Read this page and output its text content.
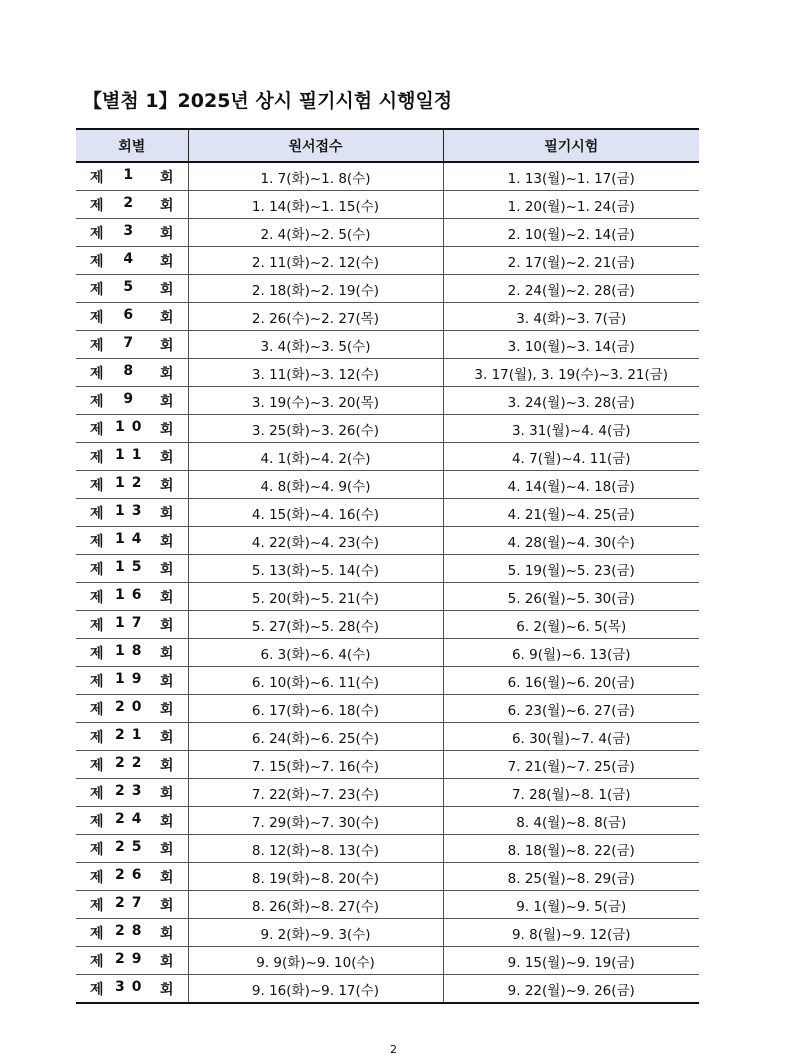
【별첨 1】2025년 상시 필기시험 시행일정
회별	원서접수	필기시험

제 1 회	1. 7(화)~1. 8(수)	1. 13(월)~1. 17(금)

제 2 회	1. 14(화)~1. 15(수)	1. 20(월)~1. 24(금)

제 3 회	2. 4(화)~2. 5(수)	2. 10(월)~2. 14(금)

제 4 회	2. 11(화)~2. 12(수)	2. 17(월)~2. 21(금)

제 5 회	2. 18(화)~2. 19(수)	2. 24(월)~2. 28(금)

제 6 회	2. 26(수)~2. 27(목)	3. 4(화)~3. 7(금)

제 7 회	3. 4(화)~3. 5(수)	3. 10(월)~3. 14(금)

제 8 회	3. 11(화)~3. 12(수)	3. 17(월), 3. 19(수)~3. 21(금)

제 9 회	3. 19(수)~3. 20(목)	3. 24(월)~3. 28(금)

제 10 회	3. 25(화)~3. 26(수)	3. 31(월)~4. 4(금)

제 11 회	4. 1(화)~4. 2(수)	4. 7(월)~4. 11(금)

제 12 회	4. 8(화)~4. 9(수)	4. 14(월)~4. 18(금)

제 13 회	4. 15(화)~4. 16(수)	4. 21(월)~4. 25(금)

제 14 회	4. 22(화)~4. 23(수)	4. 28(월)~4. 30(수)

제 15 회	5. 13(화)~5. 14(수)	5. 19(월)~5. 23(금)

제 16 회	5. 20(화)~5. 21(수)	5. 26(월)~5. 30(금)

제 17 회	5. 27(화)~5. 28(수)	6. 2(월)~6. 5(목)

제 18 회	6. 3(화)~6. 4(수)	6. 9(월)~6. 13(금)

제 19 회	6. 10(화)~6. 11(수)	6. 16(월)~6. 20(금)

제 20 회	6. 17(화)~6. 18(수)	6. 23(월)~6. 27(금)

제 21 회	6. 24(화)~6. 25(수)	6. 30(월)~7. 4(금)

제 22 회	7. 15(화)~7. 16(수)	7. 21(월)~7. 25(금)

제 23 회	7. 22(화)~7. 23(수)	7. 28(월)~8. 1(금)

제 24 회	7. 29(화)~7. 30(수)	8. 4(월)~8. 8(금)

제 25 회	8. 12(화)~8. 13(수)	8. 18(월)~8. 22(금)

제 26 회	8. 19(화)~8. 20(수)	8. 25(월)~8. 29(금)

제 27 회	8. 26(화)~8. 27(수)	9. 1(월)~9. 5(금)

제 28 회	9. 2(화)~9. 3(수)	9. 8(월)~9. 12(금)

제 29 회	9. 9(화)~9. 10(수)	9. 15(월)~9. 19(금)

제 30 회	9. 16(화)~9. 17(수)	9. 22(월)~9. 26(금)
2
